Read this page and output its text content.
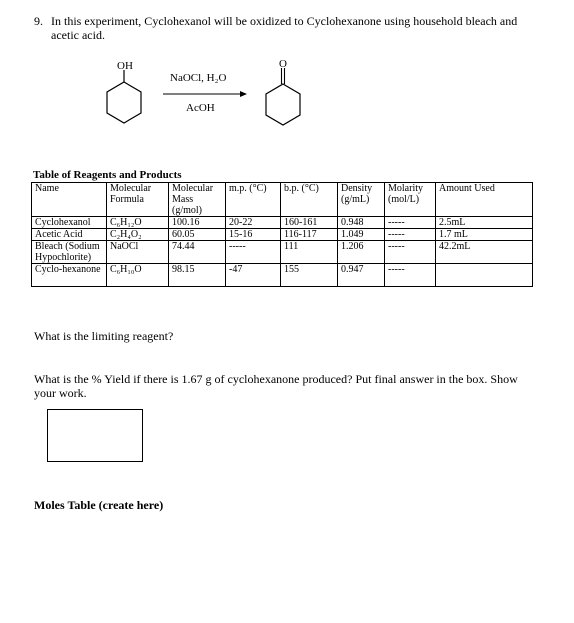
9. In this experiment, Cyclohexanol will be oxidized to Cyclohexanone using household bleach and
acetic acid.
OH
NaOCl, H₂O
AcOH
O
Table of Reagents and Products
Name	Molecular Formula	Molecular Mass (g/mol)	m.p. (°C)	b.p. (°C)	Density (g/mL)	Molarity (mol/L)	Amount Used
Cyclohexanol	C₆H₁₂O	100.16	20-22	160-161	0.948	-----	2.5mL
Acetic Acid	C₂H₄O₂	60.05	15-16	116-117	1.049	-----	1.7 mL
Bleach (Sodium Hypochlorite)	NaOCl	74.44	-----	111	1.206	-----	42.2mL
Cyclo-hexanone	C₆H₁₀O	98.15	-47	155	0.947	-----	
What is the limiting reagent?
What is the % Yield if there is 1.67 g of cyclohexanone produced? Put final answer in the box. Show
your work.
Moles Table (create here)
